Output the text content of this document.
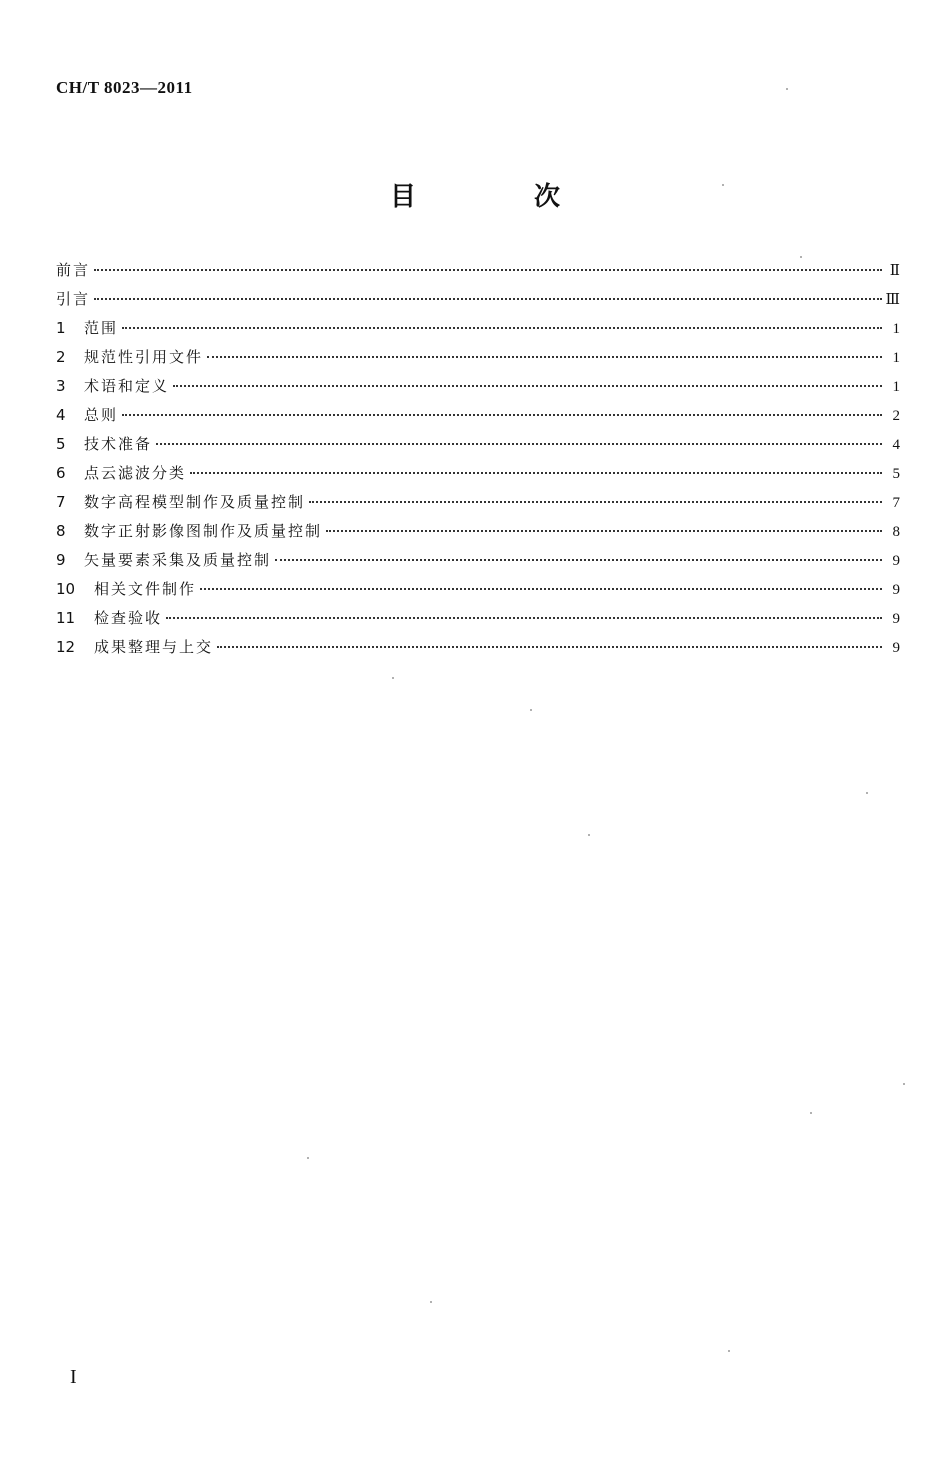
CH/T 8023—2011
目　次
前言	Ⅱ
引言	Ⅲ
1	范围	1
2	规范性引用文件	1
3	术语和定义	1
4	总则	2
5	技术准备	4
6	点云滤波分类	5
7	数字高程模型制作及质量控制	7
8	数字正射影像图制作及质量控制	8
9	矢量要素采集及质量控制	9
10	相关文件制作	9
11	检查验收	9
12	成果整理与上交	9
I
